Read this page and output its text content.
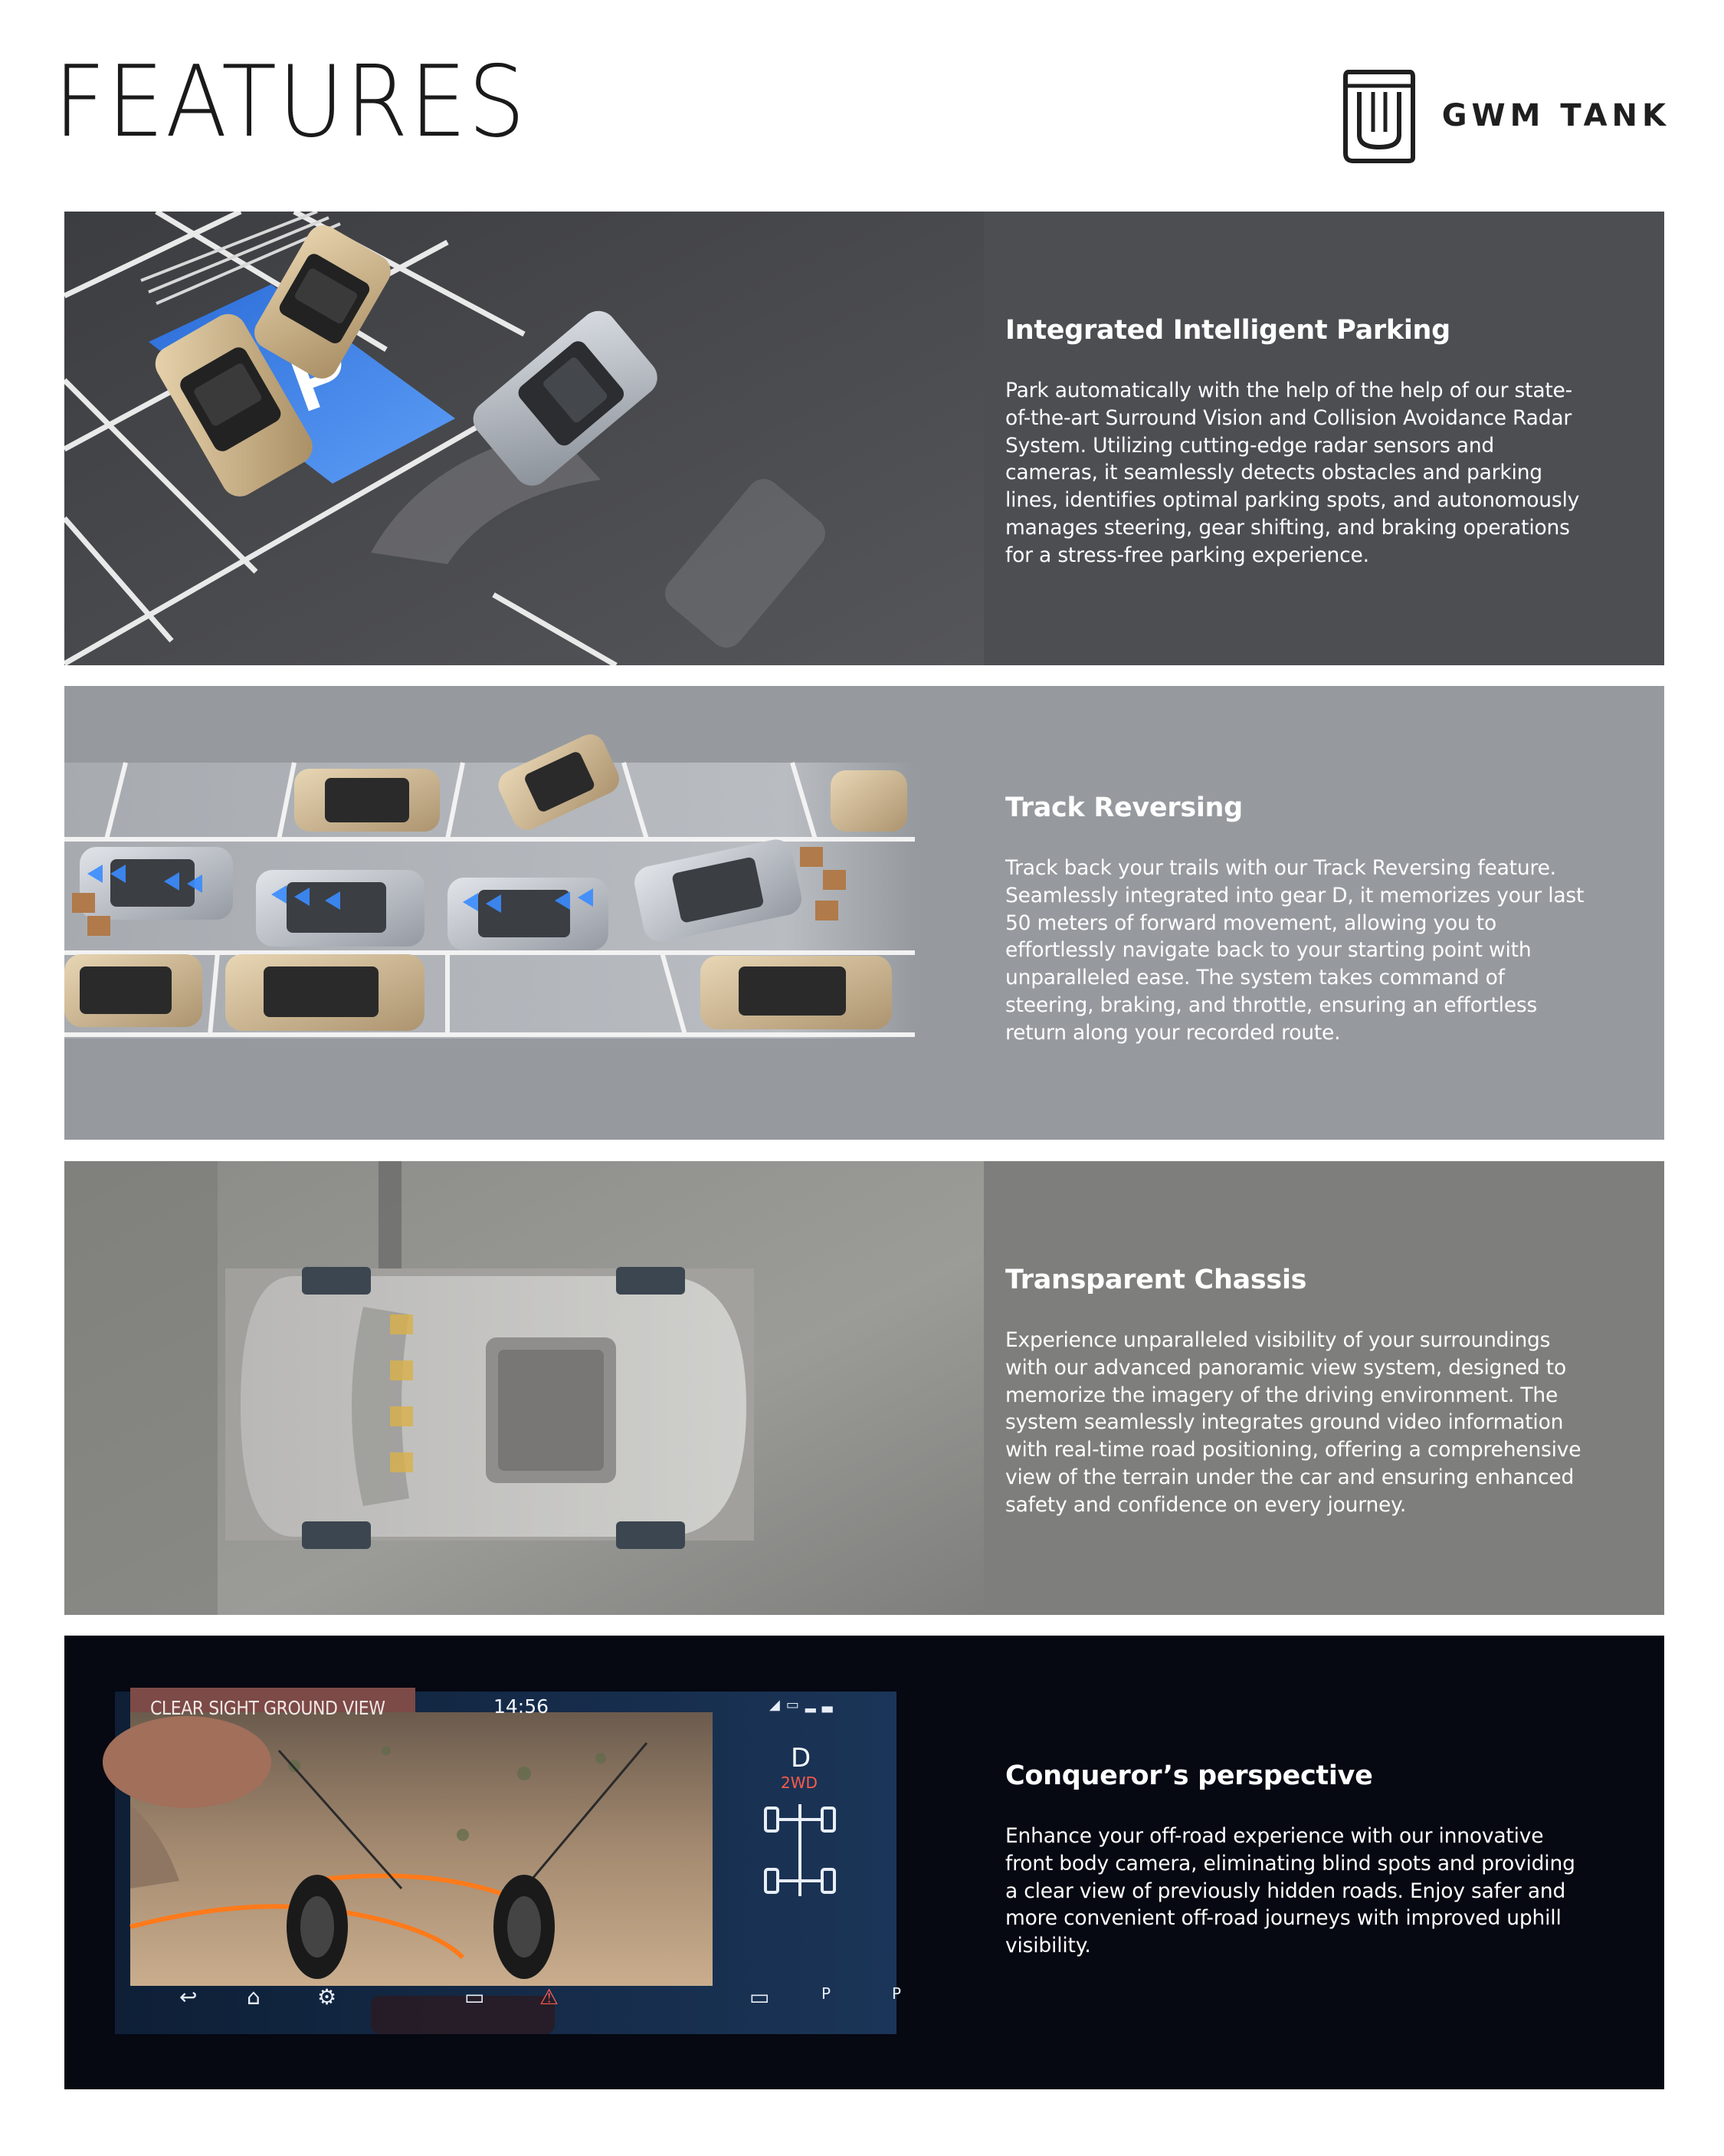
FEATURES	GWM TANK
Integrated Intelligent Parking

Park automatically with the help of the help of our state-of-the-art Surround Vision and Collision Avoidance Radar System. Utilizing cutting-edge radar sensors and cameras, it seamlessly detects obstacles and parking lines, identifies optimal parking spots, and autonomously manages steering, gear shifting, and braking operations for a stress-free parking experience.

Track Reversing

Track back your trails with our Track Reversing feature. Seamlessly integrated into gear D, it memorizes your last 50 meters of forward movement, allowing you to effortlessly navigate back to your starting point with unparalleled ease. The system takes command of steering, braking, and throttle, ensuring an effortless return along your recorded route.

Transparent Chassis

Experience unparalleled visibility of your surroundings with our advanced panoramic view system, designed to memorize the imagery of the driving environment. The system seamlessly integrates ground video information with real-time road positioning, offering a comprehensive view of the terrain under the car and ensuring enhanced safety and confidence on every journey.

CLEAR SIGHT GROUND VIEW	14:56	◢▭▂▃
D
2WD
↩ ⌂	⚙	▭	⚠	▭	P	P
Conqueror’s perspective

Enhance your off-road experience with our innovative front body camera, eliminating blind spots and providing a clear view of previously hidden roads. Enjoy safer and more convenient off-road journeys with improved uphill visibility.
